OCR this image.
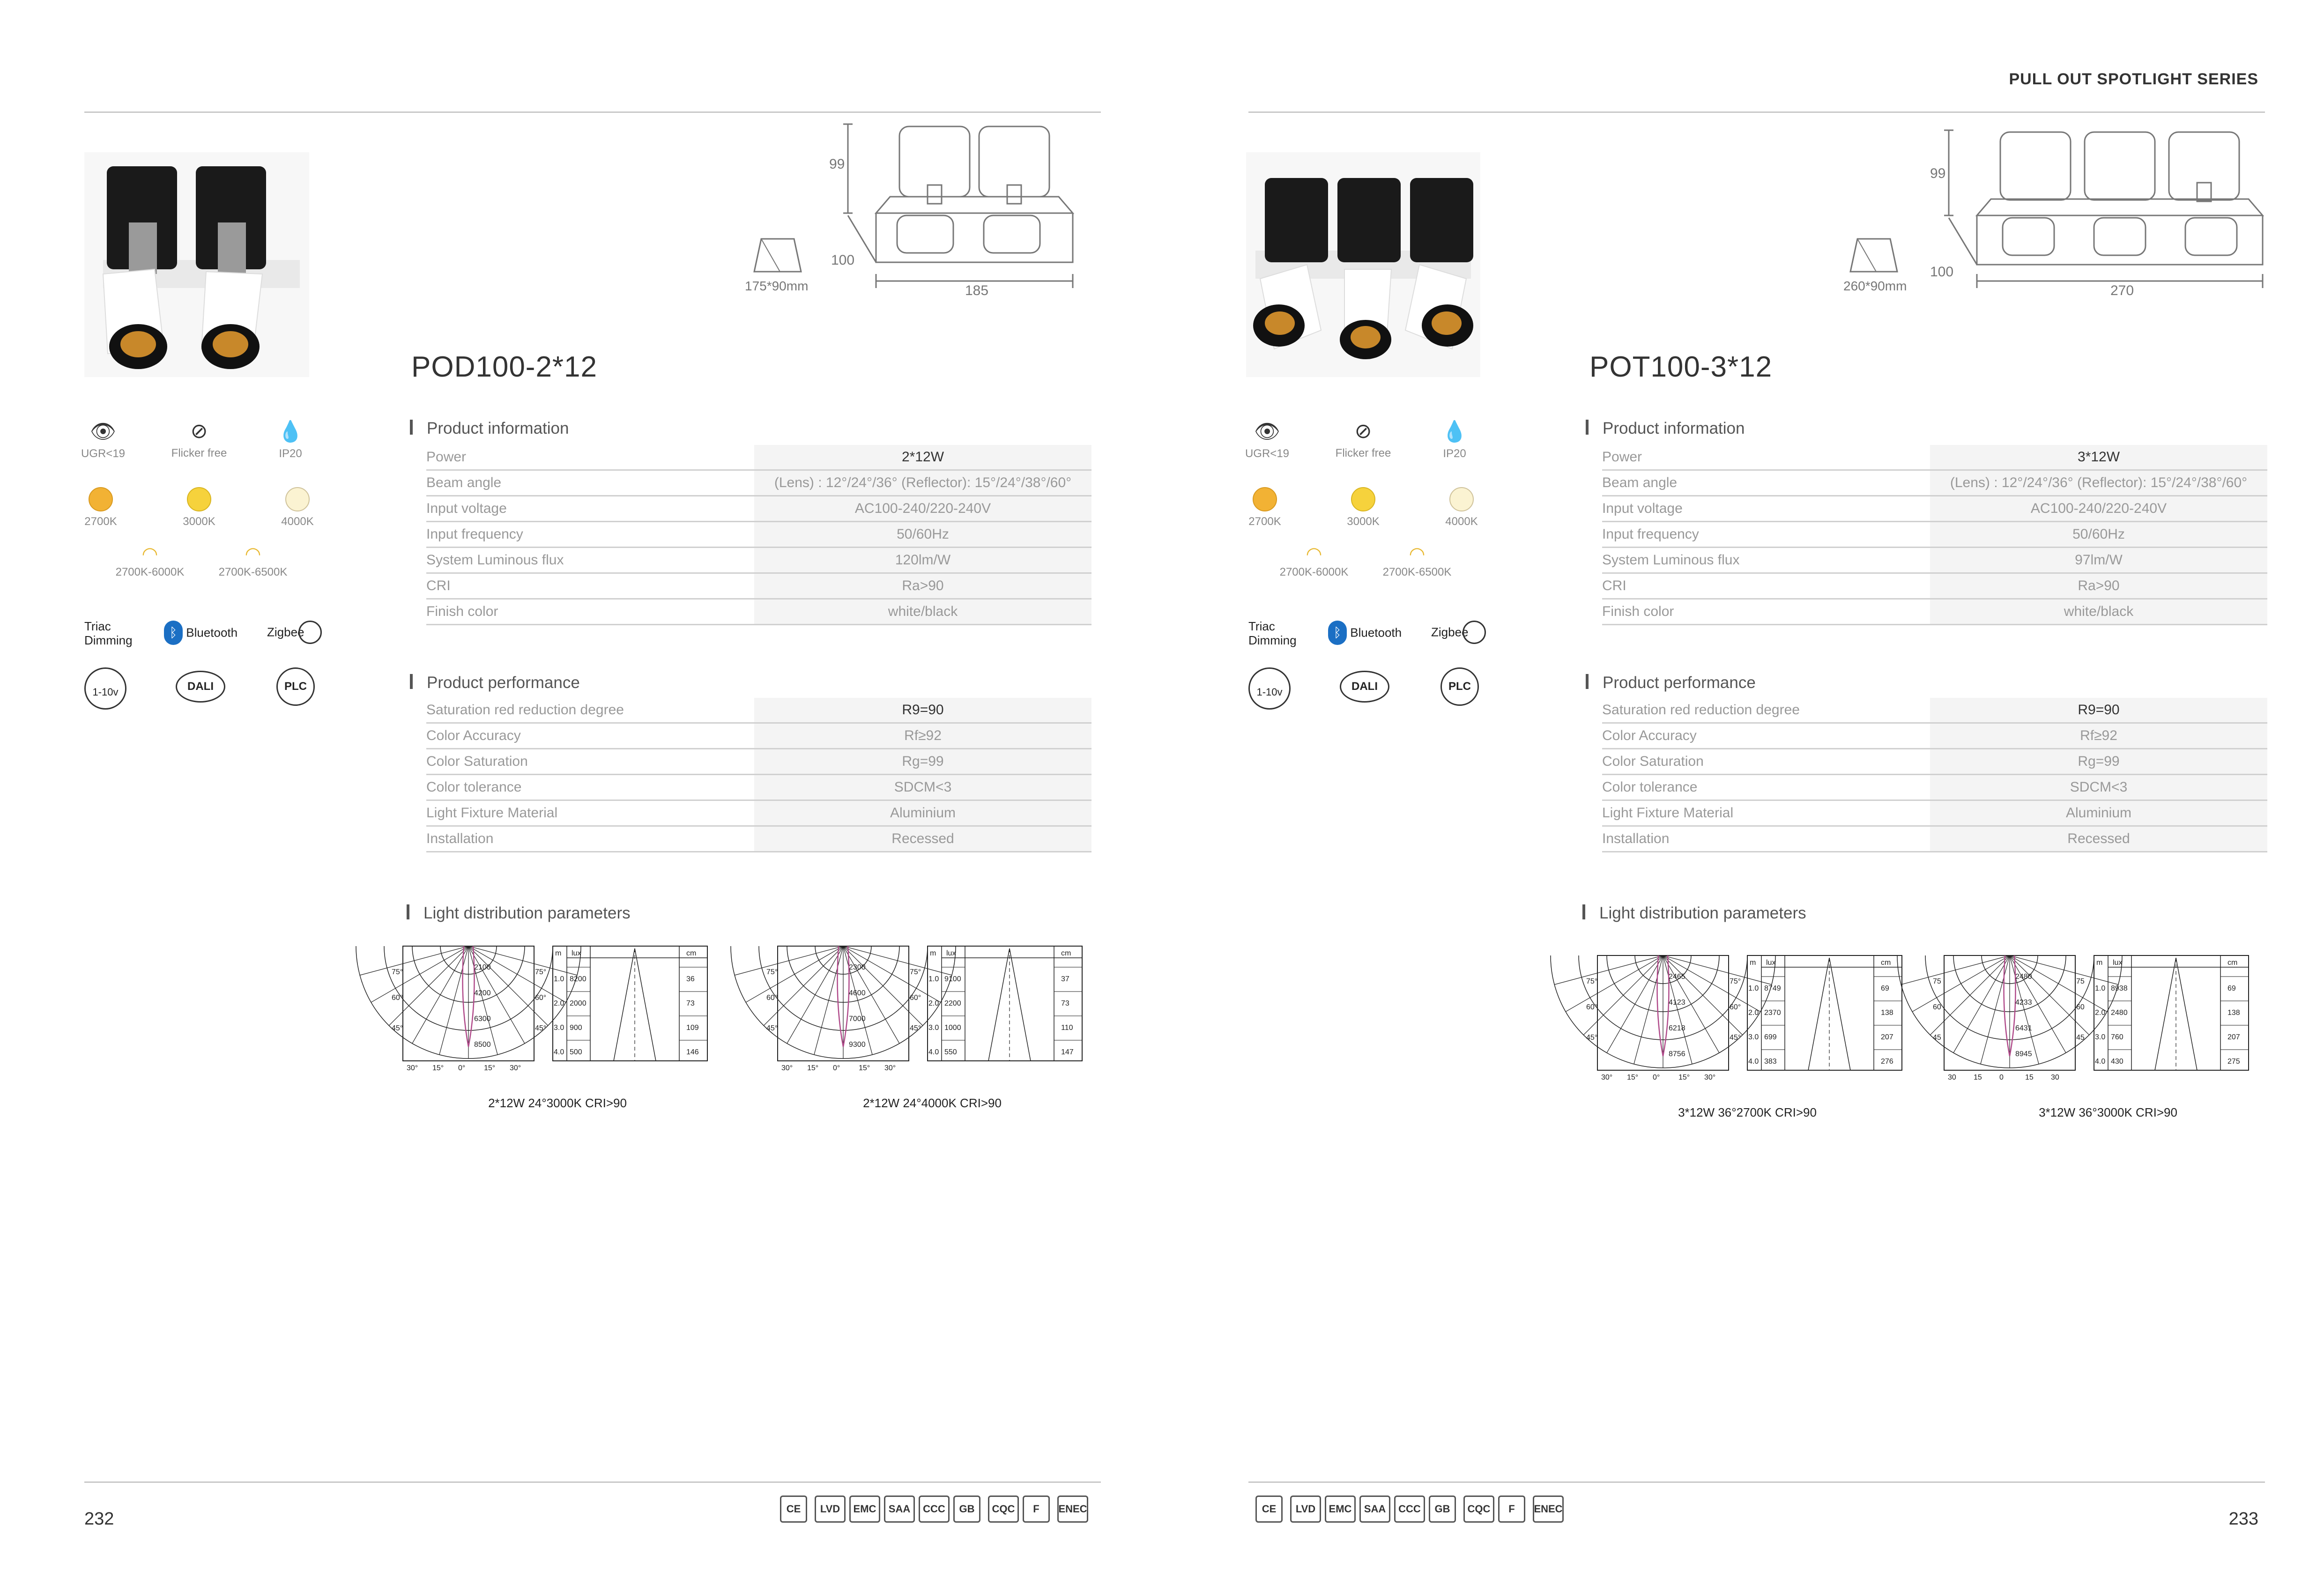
PULL OUT SPOTLIGHT SERIES
175*90mm
99
100
185
POD100-2*12
👁
UGR<19
⊘
Flicker free
💧
IP20
2700K	3000K	4000K
◠
2700K-6000K
◠
2700K-6500K
Triac
Dimming
ᛒ Bluetooth Zigbee
1-10v	DALI	PLC
Product information
Power	2*12W
Beam angle	(Lens) : 12°/24°/36° (Reflector): 15°/24°/38°/60°
Input voltage	AC100-240/220-240V
Input frequency	50/60Hz
System Luminous flux	120lm/W
CRI	Ra>90
Finish color	white/black
Product performance
Saturation red reduction degree	R9=90
Color Accuracy	Rf≥92
Color Saturation	Rg=99
Color tolerance	SDCM<3
Light Fixture Material	Aluminium
Installation	Recessed
Light distribution parameters
2100
4200
6300
8500
75°	75°
60°	60°
45°	45°
30° 15° 0° 15° 30°
m lux	cm
1.0 8200	36
2.0 2000	73
3.0 900	109
4.0 500	146
2*12W 24°3000K CRI>90
2300
4600
7000
9300
75°	75°
60°	60°
45°	45°
30° 15° 0° 15° 30°
m lux	cm
1.0 9100	37
2.0 2200	73
3.0 1000	110
4.0 550	147
2*12W 24°4000K CRI>90
232
CE	LVD	EMC	SAA	CCC	GB	CQC	F	ENEC
260*90mm
99
100
270
POT100-3*12
👁
UGR<19
⊘
Flicker free
💧
IP20
2700K	3000K	4000K
◠
2700K-6000K
◠
2700K-6500K
Triac
Dimming
ᛒ Bluetooth Zigbee
1-10v	DALI	PLC
Product information
Power	3*12W
Beam angle	(Lens) : 12°/24°/36° (Reflector): 15°/24°/38°/60°
Input voltage	AC100-240/220-240V
Input frequency	50/60Hz
System Luminous flux	97lm/W
CRI	Ra>90
Finish color	white/black
Product performance
Saturation red reduction degree	R9=90
Color Accuracy	Rf≥92
Color Saturation	Rg=99
Color tolerance	SDCM<3
Light Fixture Material	Aluminium
Installation	Recessed
Light distribution parameters
2465
4123
6218
8756
75°	75°
60°	60°
45°	45°
30° 15° 0° 15° 30°
m lux	cm
1.0 8749	69
2.0 2370	138
3.0 699	207
4.0 383	276
3*12W 36°2700K CRI>90
2480
4233
6431
8945
75	75
60	60
45	45
30 15 0	15 30
m lux	cm
1.0 8938	69
2.0 2480	138
3.0 760	207
4.0 430	275
3*12W 36°3000K CRI>90
233
CE	LVD	EMC	SAA	CCC	GB	CQC	F	ENEC
